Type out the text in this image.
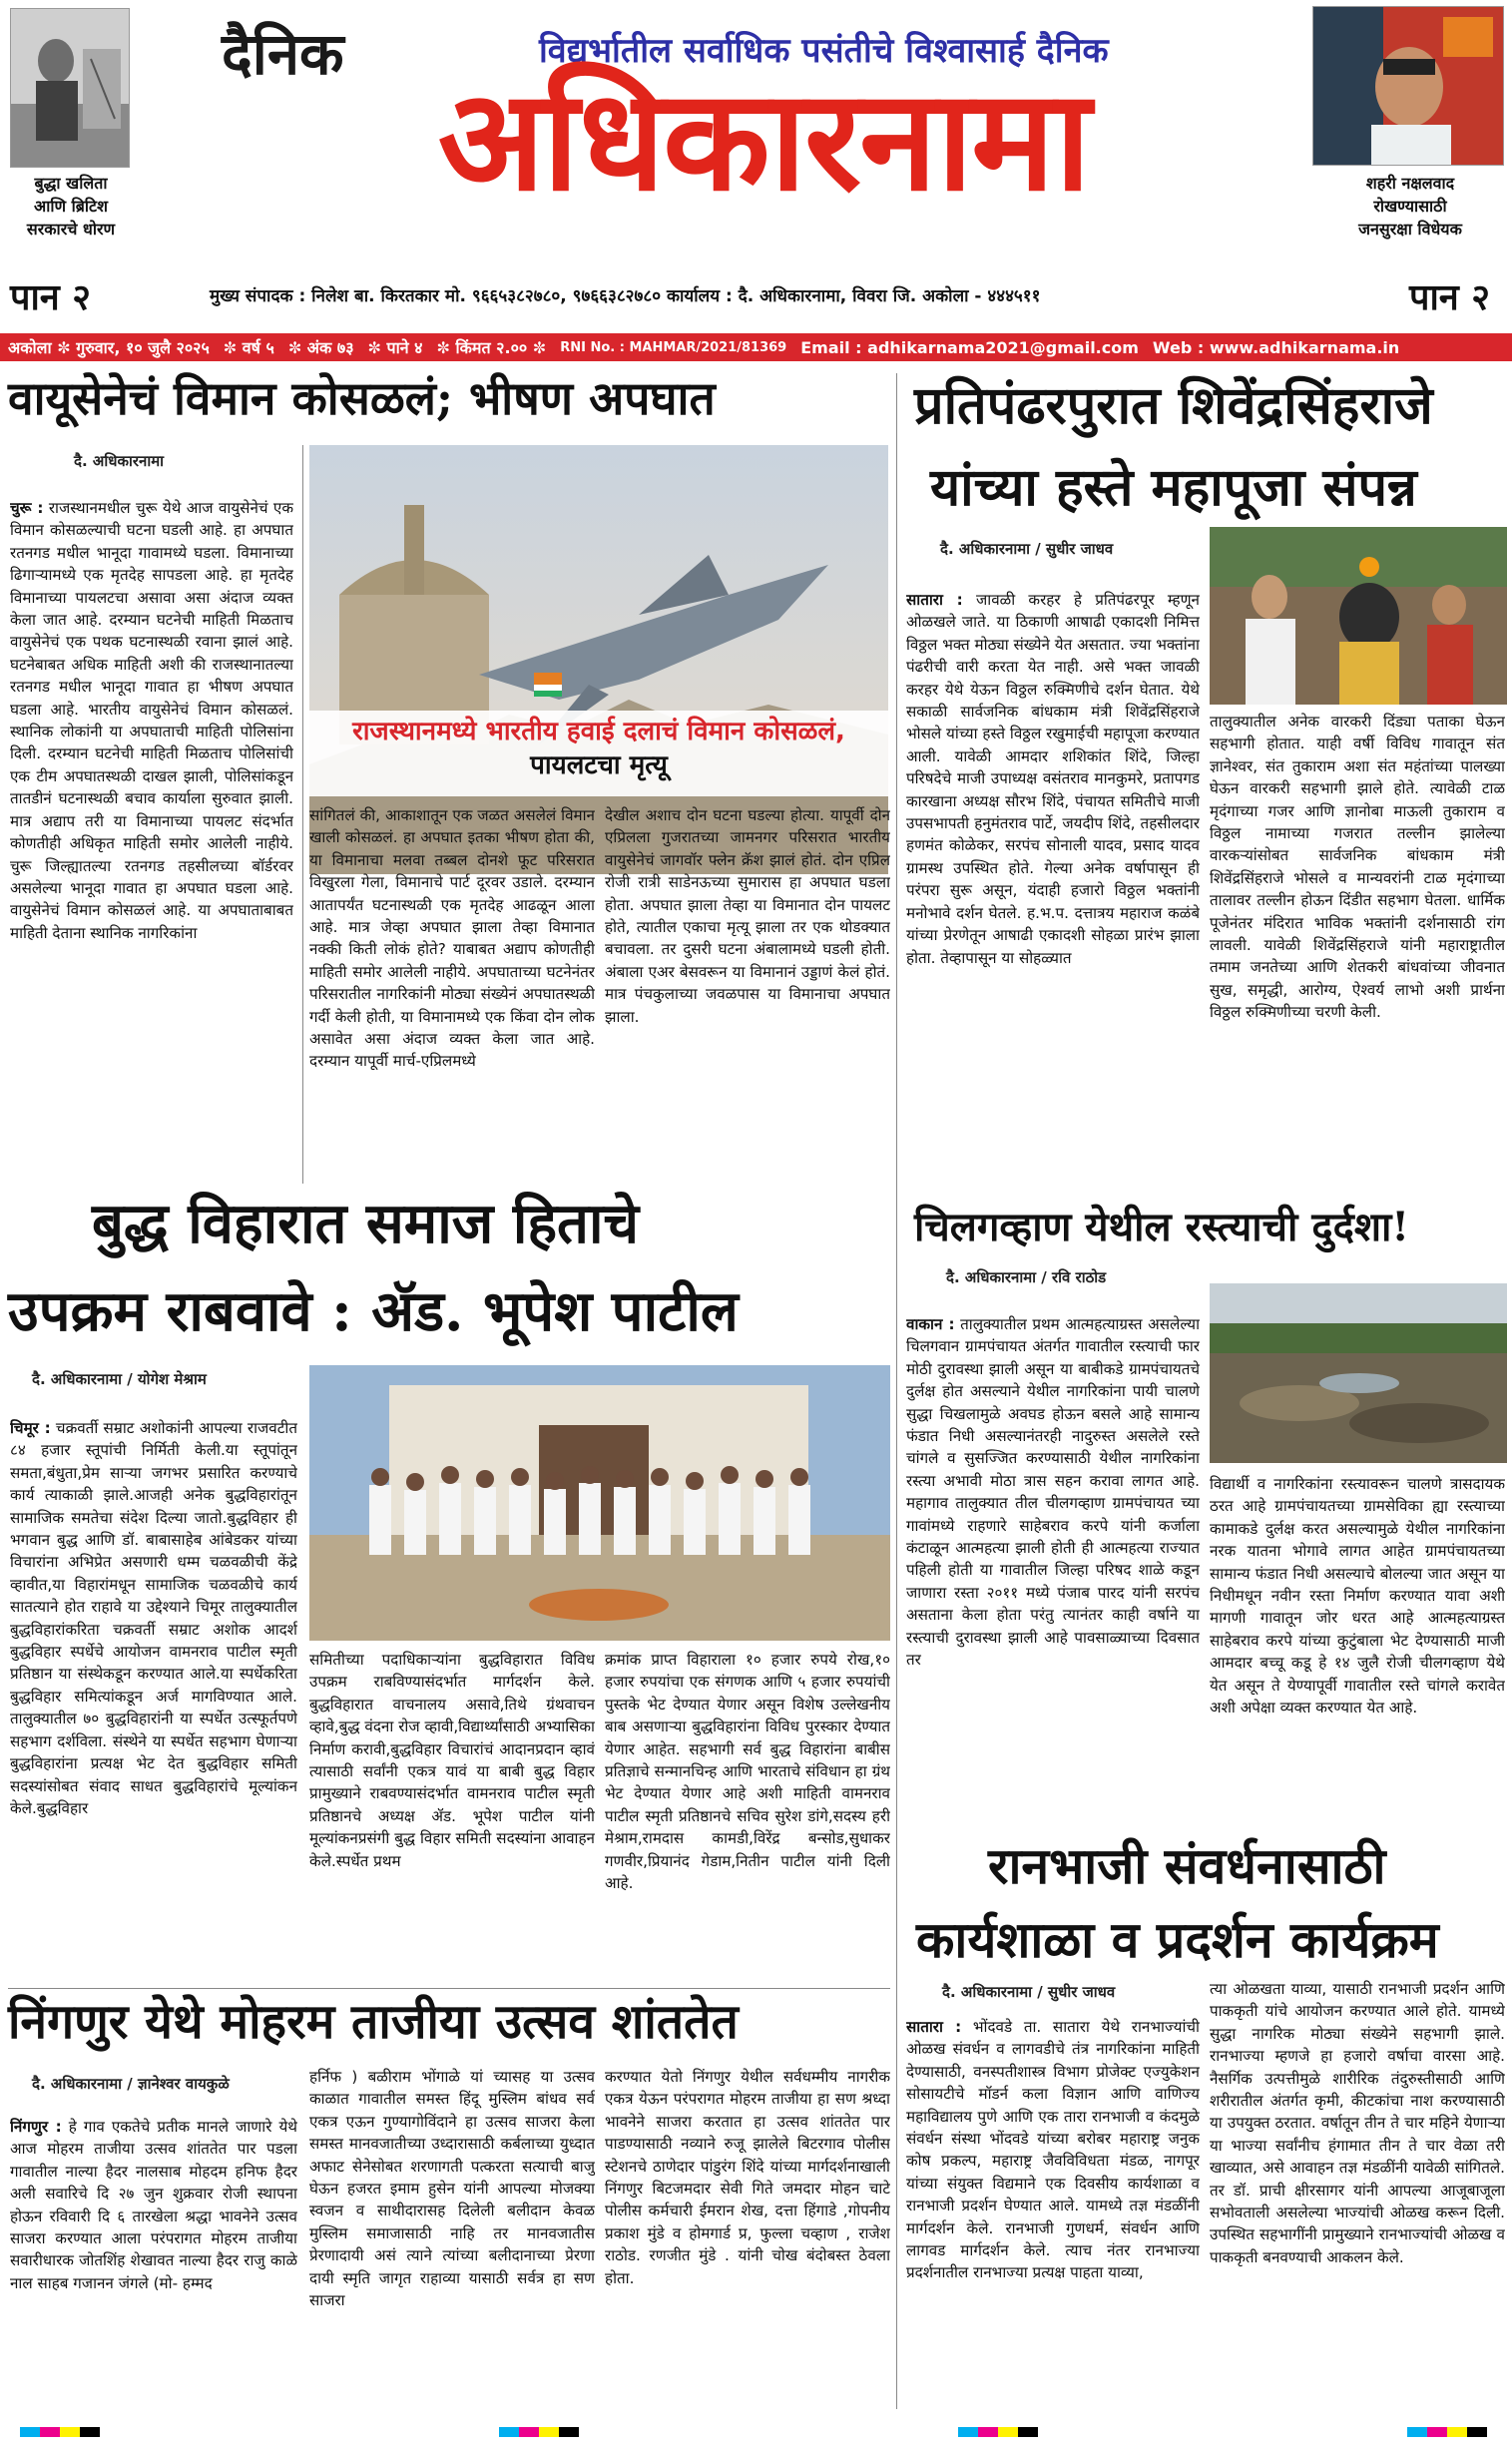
बुद्धा खलिता
आणि ब्रिटिश
सरकारचे धोरण
दैनिक	विद्यर्भातील सर्वाधिक पसंतीचे विश्वासार्ह दैनिक
अधिकारनामा	शहरी नक्षलवाद
रोखण्यासाठी
जनसुरक्षा विधेयक
पान २	मुख्य संपादक : निलेश बा. किरतकार मो. ९६६५३८२७८०, ९७६६३८२७८० कार्यालय : दै. अधिकारनामा, विवरा जि. अकोला - ४४४५११	पान २
अकोला ✼ गुरुवार, १० जुलै २०२५ ✼ वर्ष ५ ✼ अंक ७३ ✼ पाने ४ ✼ किंमत २.०० ✼ RNI No. : MAHMAR/2021/81369 Email : adhikarnama2021@gmail.com Web : www.adhikarnama.in
वायूसेनेचं विमान कोसळलं; भीषण अपघात
दै. अधिकारनामा
चुरू : राजस्थानमधील चुरू येथे आज वायुसेनेचं एक विमान कोसळल्याची घटना घडली आहे. हा अपघात रतनगड मधील भानूदा गावामध्ये घडला. विमानाच्या ढिगाऱ्यामध्ये एक मृतदेह सापडला आहे. हा मृतदेह विमानाच्या पायलटचा असावा असा अंदाज व्यक्त केला जात आहे. दरम्यान घटनेची माहिती मिळताच वायुसेनेचं एक पथक घटनास्थळी रवाना झालं आहे. घटनेबाबत अधिक माहिती अशी की राजस्थानातल्या रतनगड मधील भानूदा गावात हा भीषण अपघात घडला आहे. भारतीय वायुसेनेचं विमान कोसळलं. स्थानिक लोकांनी या अपघाताची माहिती पोलिसांना दिली. दरम्यान घटनेची माहिती मिळताच पोलिसांची एक टीम अपघातस्थळी दाखल झाली, पोलिसांकडून तातडीनं घटनास्थळी बचाव कार्याला सुरुवात झाली. मात्र अद्याप तरी या विमानाच्या पायलट संदर्भात कोणतीही अधिकृत माहिती समोर आलेली नाहीये. चुरू जिल्ह्यातल्या रतनगड तहसीलच्या बॉर्डरवर असलेल्या भानूदा गावात हा अपघात घडला आहे. वायुसेनेचं विमान कोसळलं आहे. या अपघाताबाबत माहिती देताना स्थानिक नागरिकांना
राजस्थानमध्ये भारतीय हवाई दलाचं विमान कोसळलं,
पायलटचा मृत्यू
सांगितलं की, आकाशातून एक जळत असलेलं विमान खाली कोसळलं. हा अपघात इतका भीषण होता की, या विमानाचा मलवा तब्बल दोनशे फूट परिसरात विखुरला गेला, विमानाचे पार्ट दूरवर उडाले. दरम्यान आतापर्यंत घटनास्थळी एक मृतदेह आढळून आला आहे. मात्र जेव्हा अपघात झाला तेव्हा विमानात नक्की किती लोकं होते? याबाबत अद्याप कोणतीही माहिती समोर आलेली नाहीये. अपघाताच्या घटनेनंतर परिसरातील नागरिकांनी मोठ्या संख्येनं अपघातस्थळी गर्दी केली होती, या विमानामध्ये एक किंवा दोन लोक असावेत असा अंदाज व्यक्त केला जात आहे. दरम्यान यापूर्वी मार्च-एप्रिलमध्ये
देखील अशाच दोन घटना घडल्या होत्या. यापूर्वी दोन एप्रिलला गुजरातच्या जामनगर परिसरात भारतीय वायुसेनेचं जागवॉर फ्लेन क्रॅश झालं होतं. दोन एप्रिल रोजी रात्री साडेनऊच्या सुमारास हा अपघात घडला होता. अपघात झाला तेव्हा या विमानात दोन पायलट होते, त्यातील एकाचा मृत्यू झाला तर एक थोडक्यात बचावला. तर दुसरी घटना अंबालामध्ये घडली होती. अंबाला एअर बेसवरून या विमानानं उड्डाणं केलं होतं. मात्र पंचकुलाच्या जवळपास या विमानाचा अपघात झाला.
प्रतिपंढरपुरात शिवेंद्रसिंहराजे
यांच्या हस्ते महापूजा संपन्न
दै. अधिकारनामा / सुधीर जाधव
सातारा : जावळी करहर हे प्रतिपंढरपूर म्हणून ओळखले जाते. या ठिकाणी आषाढी एकादशी निमित्त विठ्ठल भक्त मोठ्या संख्येने येत असतात. ज्या भक्तांना पंढरीची वारी करता येत नाही. असे भक्त जावळी करहर येथे येऊन विठ्ठल रुक्मिणीचे दर्शन घेतात. येथे सकाळी सार्वजनिक बांधकाम मंत्री शिवेंद्रसिंहराजे भोसले यांच्या हस्ते विठ्ठल रखुमाईची महापूजा करण्यात आली. यावेळी आमदार शशिकांत शिंदे, जिल्हा परिषदेचे माजी उपाध्यक्ष वसंतराव मानकुमरे, प्रतापगड कारखाना अध्यक्ष सौरभ शिंदे, पंचायत समितीचे माजी उपसभापती हनुमंतराव पार्टे, जयदीप शिंदे, तहसीलदार हणमंत कोळेकर, सरपंच सोनाली यादव, प्रसाद यादव ग्रामस्थ उपस्थित होते. गेल्या अनेक वर्षापासून ही परंपरा सुरू असून, यंदाही हजारो विठ्ठल भक्तांनी मनोभावे दर्शन घेतले. ह.भ.प. दत्तात्रय महाराज कळंबे यांच्या प्रेरणेतून आषाढी एकादशी सोहळा प्रारंभ झाला होता. तेव्हापासून या सोहळ्यात
तालुक्यातील अनेक वारकरी दिंड्या पताका घेऊन सहभागी होतात. याही वर्षी विविध गावातून संत ज्ञानेश्वर, संत तुकाराम अशा संत महंतांच्या पालख्या घेऊन वारकरी सहभागी झाले होते. त्यावेळी टाळ मृदंगाच्या गजर आणि ज्ञानोबा माऊली तुकाराम व विठ्ठल नामाच्या गजरात तल्लीन झालेल्या वारकऱ्यांसोबत सार्वजनिक बांधकाम मंत्री शिवेंद्रसिंहराजे भोसले व मान्यवरांनी टाळ मृदंगाच्या तालावर तल्लीन होऊन दिंडीत सहभाग घेतला. धार्मिक पूजेनंतर मंदिरात भाविक भक्तांनी दर्शनासाठी रांग लावली. यावेळी शिवेंद्रसिंहराजे यांनी महाराष्ट्रातील तमाम जनतेच्या आणि शेतकरी बांधवांच्या जीवनात सुख, समृद्धी, आरोग्य, ऐश्वर्य लाभो अशी प्रार्थना विठ्ठल रुक्मिणीच्या चरणी केली.
बुद्ध विहारात समाज हिताचे
उपक्रम राबवावे : ॲड. भूपेश पाटील
दै. अधिकारनामा / योगेश मेश्राम
चिमूर : चक्रवर्ती सम्राट अशोकांनी आपल्या राजवटीत ८४ हजार स्तूपांची निर्मिती केली.या स्तूपांतून समता,बंधुता,प्रेम साऱ्या जगभर प्रसारित करण्याचे कार्य त्याकाळी झाले.आजही अनेक बुद्धविहारांतून सामाजिक समतेचा संदेश दिल्या जातो.बुद्धविहार ही भगवान बुद्ध आणि डॉ. बाबासाहेब आंबेडकर यांच्या विचारांना अभिप्रेत असणारी धम्म चळवळीची केंद्रे व्हावीत,या विहारांमधून सामाजिक चळवळीचे कार्य सातत्याने होत राहावे या उद्देश्याने चिमूर तालुक्यातील बुद्धविहारांकरिता चक्रवर्ती सम्राट अशोक आदर्श बुद्धविहार स्पर्धेचे आयोजन वामनराव पाटील स्मृती प्रतिष्ठान या संस्थेकडून करण्यात आले.या स्पर्धेकरिता बुद्धविहार समित्यांकडून अर्ज मागविण्यात आले. तालुक्यातील ७० बुद्धविहारांनी या स्पर्धेत उत्स्फूर्तपणे सहभाग दर्शविला. संस्थेने या स्पर्धेत सहभाग घेणाऱ्या बुद्धविहारांना प्रत्यक्ष भेट देत बुद्धविहार समिती सदस्यांसोबत संवाद साधत बुद्धविहारांचे मूल्यांकन केले.बुद्धविहार
समितीच्या पदाधिकाऱ्यांना बुद्धविहारात विविध उपक्रम राबविण्यासंदर्भात मार्गदर्शन केले. बुद्धविहारात वाचनालय असावे,तिथे ग्रंथवाचन व्हावे,बुद्ध वंदना रोज व्हावी,विद्यार्थ्यांसाठी अभ्यासिका निर्माण करावी,बुद्धविहार विचारांचं आदानप्रदान व्हावं त्यासाठी सर्वांनी एकत्र यावं या बाबी बुद्ध विहार प्रामुख्याने राबवण्यासंदर्भात वामनराव पाटील स्मृती प्रतिष्ठानचे अध्यक्ष ॲड. भूपेश पाटील यांनी मूल्यांकनप्रसंगी बुद्ध विहार समिती सदस्यांना आवाहन केले.स्पर्धेत प्रथम
क्रमांक प्राप्त विहाराला १० हजार रुपये रोख,१० हजार रुपयांचा एक संगणक आणि ५ हजार रुपयांची पुस्तके भेट देण्यात येणार असून विशेष उल्लेखनीय बाब असणाऱ्या बुद्धविहारांना विविध पुरस्कार देण्यात येणार आहेत. सहभागी सर्व बुद्ध विहारांना बाबीस प्रतिज्ञाचे सन्मानचिन्ह आणि भारताचे संविधान हा ग्रंथ भेट देण्यात येणार आहे अशी माहिती वामनराव पाटील स्मृती प्रतिष्ठानचे सचिव सुरेश डांगे,सदस्य हरी मेश्राम,रामदास कामडी,विरेंद्र बन्सोड,सुधाकर गणवीर,प्रियानंद गेडाम,नितीन पाटील यांनी दिली आहे.
चिलगव्हाण येथील रस्त्याची दुर्दशा!
दै. अधिकारनामा / रवि राठोड
वाकान : तालुक्यातील प्रथम आत्महत्याग्रस्त असलेल्या चिलगवान ग्रामपंचायत अंतर्गत गावातील रस्त्याची फार मोठी दुरावस्था झाली असून या बाबीकडे ग्रामपंचायतचे दुर्लक्ष होत असल्याने येथील नागरिकांना पायी चालणे सुद्धा चिखलामुळे अवघड होऊन बसले आहे सामान्य फंडात निधी असल्यानंतरही नादुरुस्त असलेले रस्ते चांगले व सुसज्जित करण्यासाठी येथील नागरिकांना रस्त्या अभावी मोठा त्रास सहन करावा लागत आहे. महागाव तालुक्यात तील चीलगव्हाण ग्रामपंचायत च्या गावांमध्ये राहणारे साहेबराव करपे यांनी कर्जाला कंटाळून आत्महत्या झाली होती ही आत्महत्या राज्यात पहिली होती या गावातील जिल्हा परिषद शाळे कडून जाणारा रस्ता २०११ मध्ये पंजाब पारद यांनी सरपंच असताना केला होता परंतु त्यानंतर काही वर्षाने या रस्त्याची दुरावस्था झाली आहे पावसाळ्याच्या दिवसात तर
विद्यार्थी व नागरिकांना रस्त्यावरून चालणे त्रासदायक ठरत आहे ग्रामपंचायतच्या ग्रामसेविका ह्या रस्त्याच्या कामाकडे दुर्लक्ष करत असल्यामुळे येथील नागरिकांना नरक यातना भोगावे लागत आहेत ग्रामपंचायतच्या सामान्य फंडात निधी असल्याचे बोलल्या जात असून या निधीमधून नवीन रस्ता निर्माण करण्यात यावा अशी मागणी गावातून जोर धरत आहे आत्महत्याग्रस्त साहेबराव करपे यांच्या कुटुंबाला भेट देण्यासाठी माजी आमदार बच्चू कडू हे १४ जुलै रोजी चीलगव्हाण येथे येत असून ते येण्यापूर्वी गावातील रस्ते चांगले करावेत अशी अपेक्षा व्यक्त करण्यात येत आहे.
रानभाजी संवर्धनासाठी
कार्यशाळा व प्रदर्शन कार्यक्रम
दै. अधिकारनामा / सुधीर जाधव
सातारा : भोंदवडे ता. सातारा येथे रानभाज्यांची ओळख संवर्धन व लागवडीचे तंत्र नागरिकांना माहिती देण्यासाठी, वनस्पतीशास्त्र विभाग प्रोजेक्ट एज्युकेशन सोसायटीचे मॉडर्न कला विज्ञान आणि वाणिज्य महाविद्यालय पुणे आणि एक तारा रानभाजी व कंदमुळे संवर्धन संस्था भोंदवडे यांच्या बरोबर महाराष्ट्र जनुक कोष प्रकल्प, महाराष्ट्र जैवविविधता मंडळ, नागपूर यांच्या संयुक्त विद्यमाने एक दिवसीय कार्यशाळा व रानभाजी प्रदर्शन घेण्यात आले. यामध्ये तज्ञ मंडळींनी मार्गदर्शन केले. रानभाजी गुणधर्म, संवर्धन आणि लागवड मार्गदर्शन केले. त्याच नंतर रानभाज्या प्रदर्शनातील रानभाज्या प्रत्यक्ष पाहता याव्या,
त्या ओळखता याव्या, यासाठी रानभाजी प्रदर्शन आणि पाककृती यांचे आयोजन करण्यात आले होते. यामध्ये सुद्धा नागरिक मोठ्या संख्येने सहभागी झाले. रानभाज्या म्हणजे हा हजारो वर्षाचा वारसा आहे. नैसर्गिक उत्पत्तीमुळे शारीरिक तंदुरुस्तीसाठी आणि शरीरातील अंतर्गत कृमी, कीटकांचा नाश करण्यासाठी या उपयुक्त ठरतात. वर्षातून तीन ते चार महिने येणाऱ्या या भाज्या सर्वांनीच हंगामात तीन ते चार वेळा तरी खाव्यात, असे आवाहन तज्ञ मंडळींनी यावेळी सांगितले. तर डॉ. प्राची क्षीरसागर यांनी आपल्या आजूबाजूला सभोवताली असलेल्या भाज्यांची ओळख करून दिली. उपस्थित सहभागींनी प्रामुख्याने रानभाज्यांची ओळख व पाककृती बनवण्याची आकलन केले.
निंगणुर येथे मोहरम ताजीया उत्सव शांततेत
दै. अधिकारनामा / ज्ञानेश्वर वायकुळे
निंगणुर : हे गाव एकतेचे प्रतीक मानले जाणारे येथे आज मोहरम ताजीया उत्सव शांततेत पार पडला गावातील नाल्या हैदर नालसाब मोहदम हनिफ हैदर अली सवारिचे दि २७ जुन शुक्रवार रोजी स्थापना होऊन रविवारी दि ६ तारखेला श्रद्धा भावनेने उत्सव साजरा करण्यात आला परंपरागत मोहरम ताजीया सवारीधारक जोतशिंह शेखावत नाल्या हैदर राजु काळे नाल साहब गजानन जंगले (मो- हम्मद
हर्निफ ) बळीराम भोंगाळे यां च्यासह या उत्सव काळात गावातील समस्त हिंदू मुस्लिम बांधव सर्व एकत्र एऊन गुण्यागोविंदाने हा उत्सव साजरा केला समस्त मानवजातीच्या उध्दारासाठी कर्बलाच्या युध्दात अफाट सेनेसोबत शरणागती पत्करता सत्याची बाजु घेऊन हजरत इमाम हुसेन यांनी आपल्या मोजक्या स्वजन व साथीदारासह दिलेली बलीदान केवळ मुस्लिम समाजासाठी नाहि तर मानवजातीस प्रेरणादायी असं त्याने त्यांच्या बलीदानाच्या प्रेरणा दायी स्मृति जागृत राहाव्या यासाठी सर्वत्र हा सण साजरा
करण्यात येतो निंगणुर येथील सर्वधम्मीय नागरीक एकत्र येऊन परंपरागत मोहरम ताजीया हा सण श्रध्दा भावनेने साजरा करतात हा उत्सव शांततेत पार पाडण्यासाठी नव्याने रुजू झालेले बिटरगाव पोलीस स्टेशनचे ठाणेदार पांडुरंग शिंदे यांच्या मार्गदर्शनाखाली निंगणुर बिटजमदार सेवी गिते जमदार मोहन चाटे पोलीस कर्मचारी ईमरान शेख, दत्ता हिंगाडे ,गोपनीय प्रकाश मुंडे व होमगार्ड प्र, फुल्ला चव्हाण , राजेश राठोड. रणजीत मुंडे . यांनी चोख बंदोबस्त ठेवला होता.
